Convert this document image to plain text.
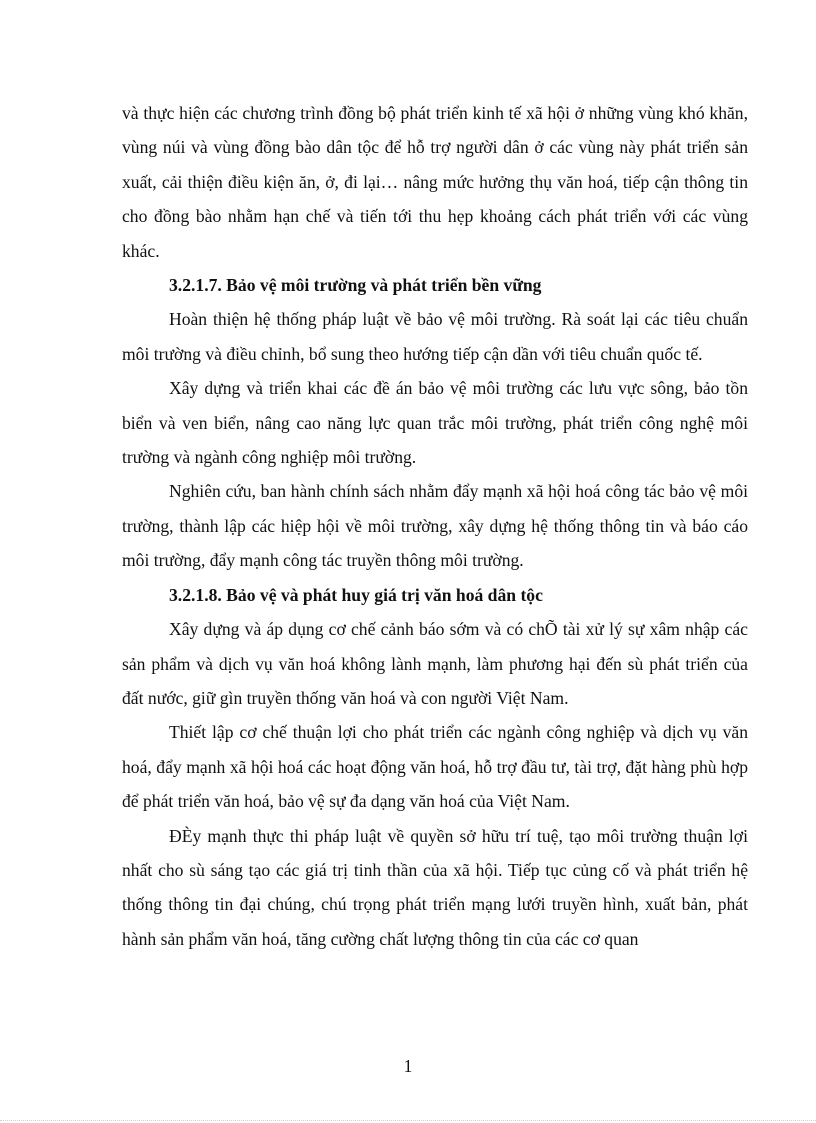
và thực hiện các chương trình đồng bộ phát triển kinh tế xã hội ở những vùng khó khăn, vùng núi và vùng đồng bào dân tộc để hỗ trợ người dân ở các vùng này phát triển sản xuất, cải thiện điều kiện ăn, ở, đi lại… nâng mức hưởng thụ văn hoá, tiếp cận thông tin cho đồng bào nhằm hạn chế và tiến tới thu hẹp khoảng cách phát triển với các vùng khác.

3.2.1.7. Bảo vệ môi trường và phát triển bền vững

Hoàn thiện hệ thống pháp luật về bảo vệ môi trường. Rà soát lại các tiêu chuẩn môi trường và điều chỉnh, bổ sung theo hướng tiếp cận dần với tiêu chuẩn quốc tế.

Xây dựng và triển khai các đề án bảo vệ môi trường các lưu vực sông, bảo tồn biển và ven biển, nâng cao năng lực quan trắc môi trường, phát triển công nghệ môi trường và ngành công nghiệp môi trường.

Nghiên cứu, ban hành chính sách nhằm đẩy mạnh xã hội hoá công tác bảo vệ môi trường, thành lập các hiệp hội về môi trường, xây dựng hệ thống thông tin và báo cáo môi trường, đẩy mạnh công tác truyền thông môi trường.

3.2.1.8. Bảo vệ và phát huy giá trị văn hoá dân tộc

Xây dựng và áp dụng cơ chế cảnh báo sớm và có chÕ tài xử lý sự xâm nhập các sản phẩm và dịch vụ văn hoá không lành mạnh, làm phương hại đến sù phát triển của đất nước, giữ gìn truyền thống văn hoá và con người Việt Nam.

Thiết lập cơ chế thuận lợi cho phát triển các ngành công nghiệp và dịch vụ văn hoá, đẩy mạnh xã hội hoá các hoạt động văn hoá, hỗ trợ đầu tư, tài trợ, đặt hàng phù hợp để phát triển văn hoá, bảo vệ sự đa dạng văn hoá của Việt Nam.

ĐÈy mạnh thực thi pháp luật về quyền sở hữu trí tuệ, tạo môi trường thuận lợi nhất cho sù sáng tạo các giá trị tinh thần của xã hội. Tiếp tục củng cố và phát triển hệ thống thông tin đại chúng, chú trọng phát triển mạng lưới truyền hình, xuất bản, phát hành sản phẩm văn hoá, tăng cường chất lượng thông tin của các cơ quan

1
